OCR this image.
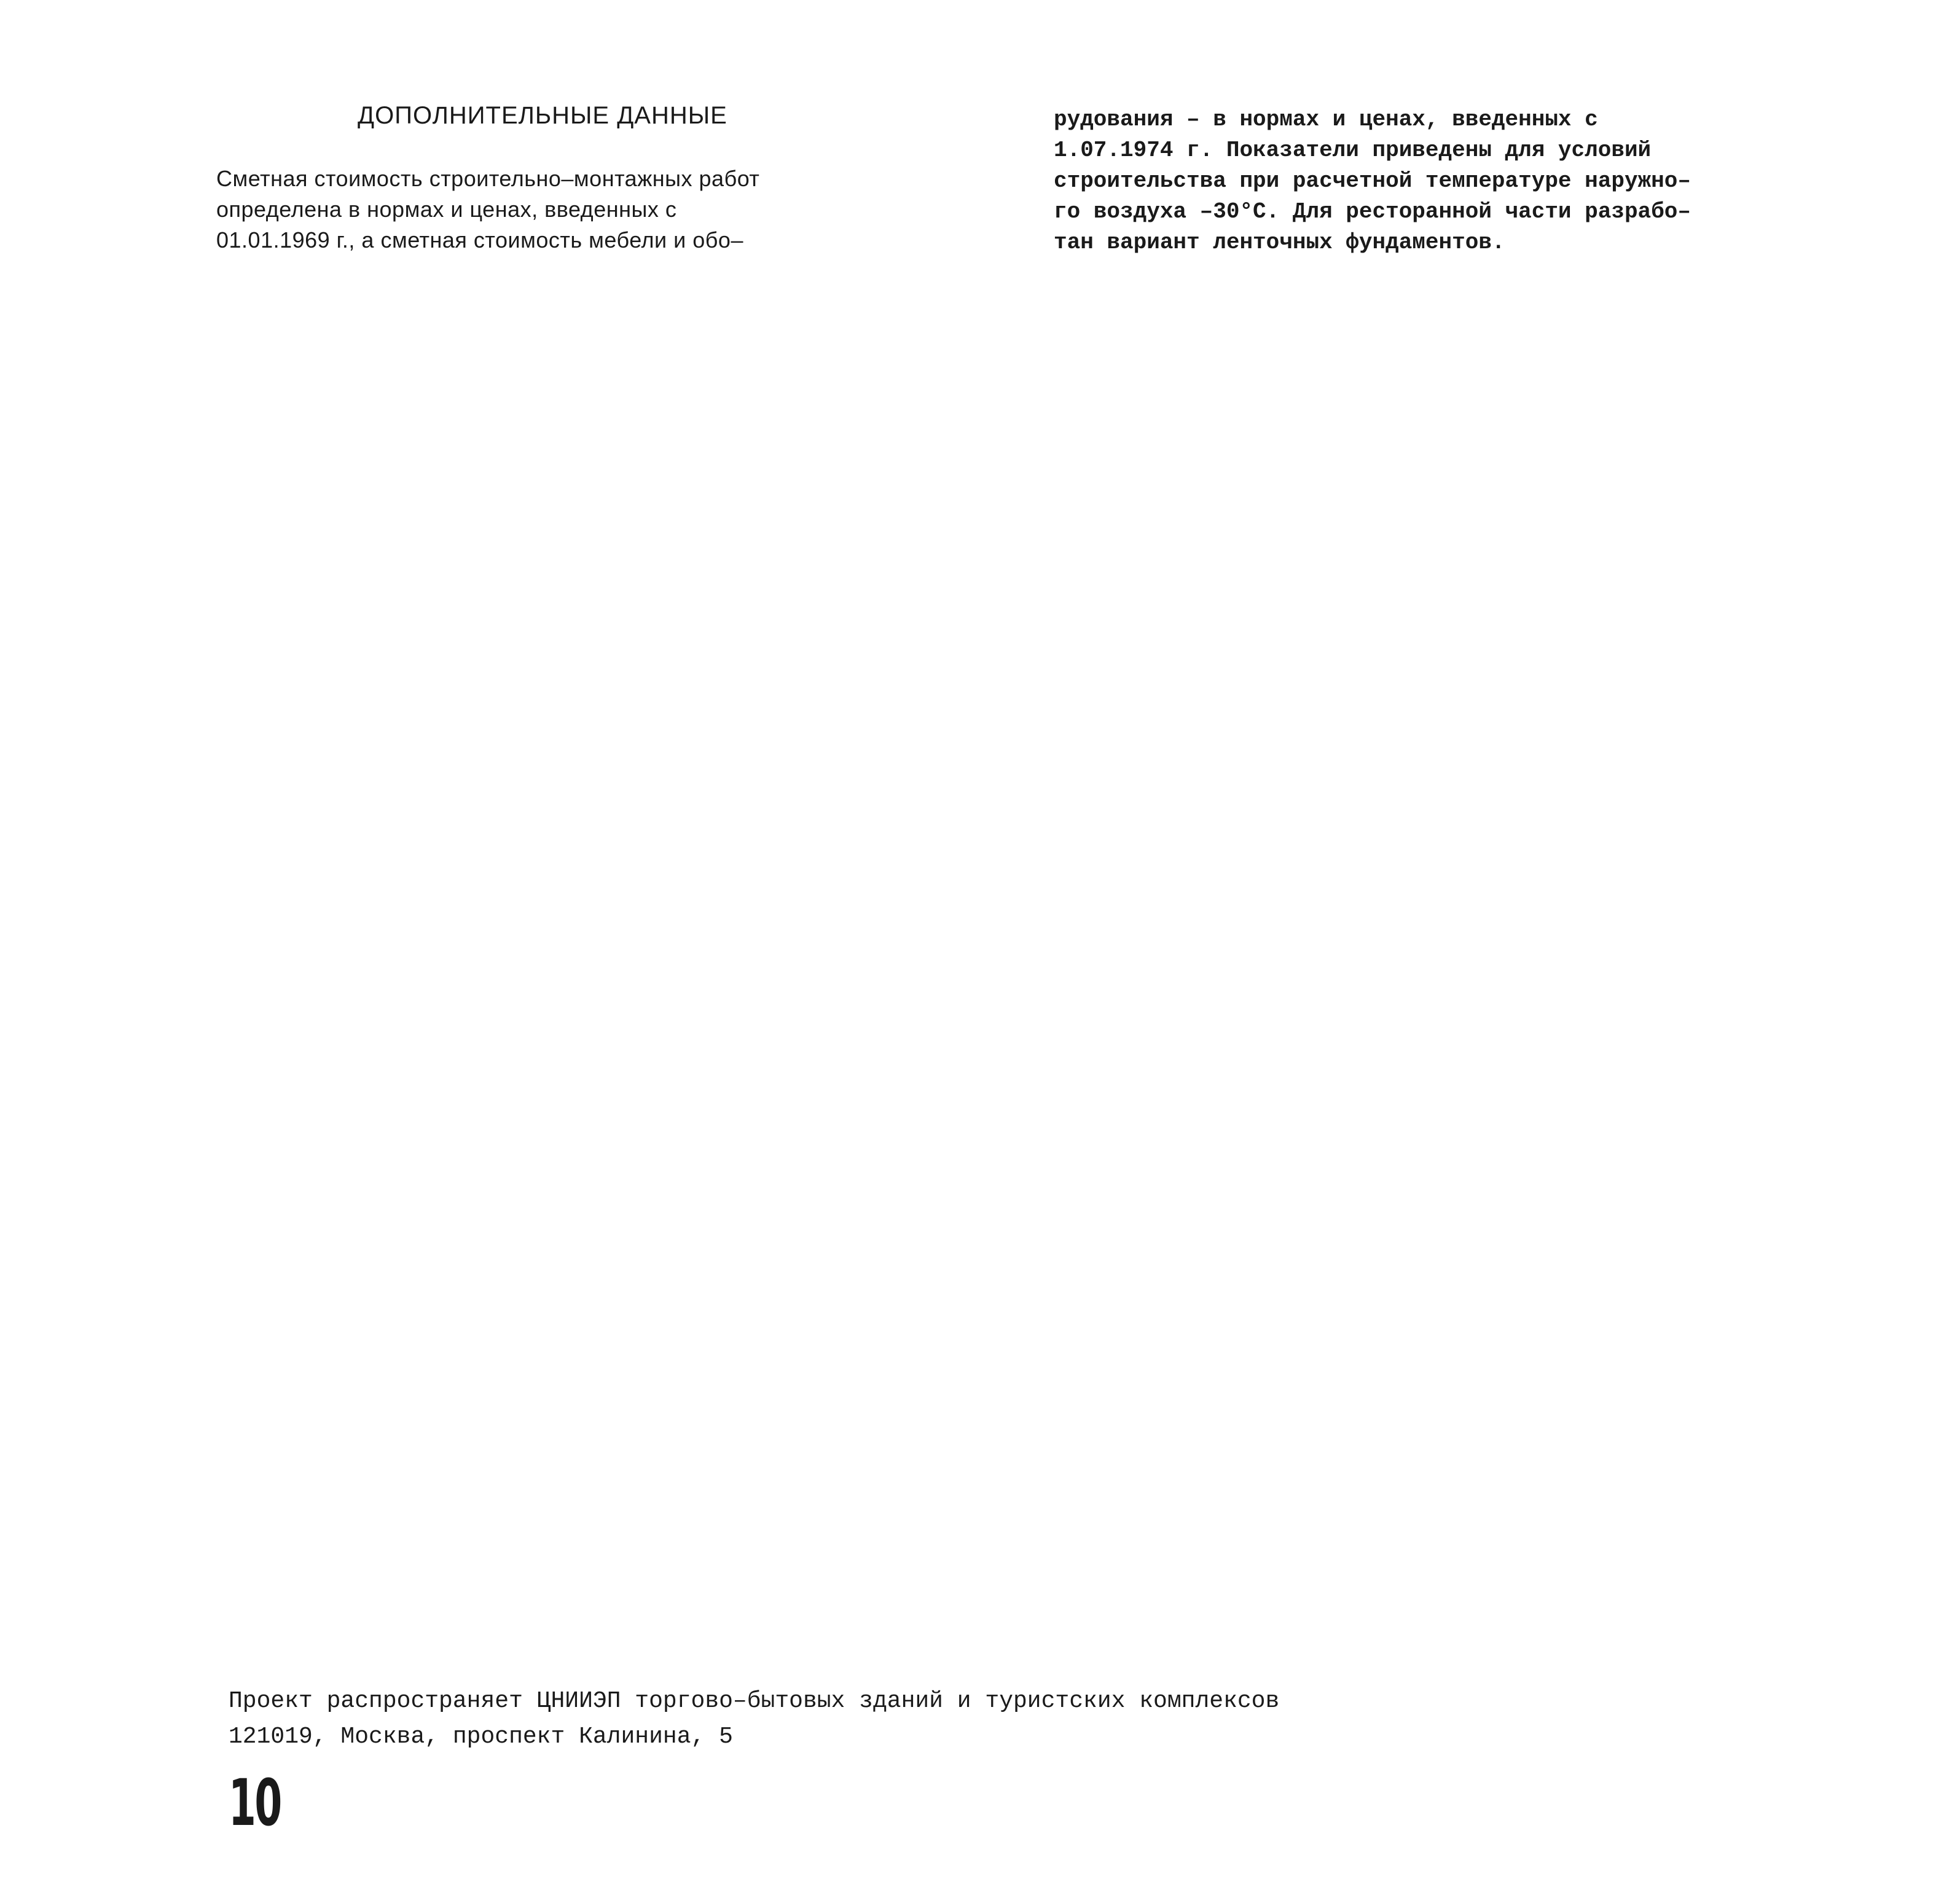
ДОПОЛНИТЕЛЬНЫЕ ДАННЫЕ
Сметная стоимость строительно–монтажных работ
определена в нормах и ценах, введенных с
01.01.1969 г., а сметная стоимость мебели и обо–
рудования – в нормах и ценах, введенных с
1.07.1974 г. Показатели приведены для условий
строительства при расчетной температуре наружно–
го воздуха –30°С. Для ресторанной части разрабо–
тан вариант ленточных фундаментов.
Проект распространяет ЦНИИЭП торгово–бытовых зданий и туристских комплексов
121019, Москва, проспект Калинина, 5
10
